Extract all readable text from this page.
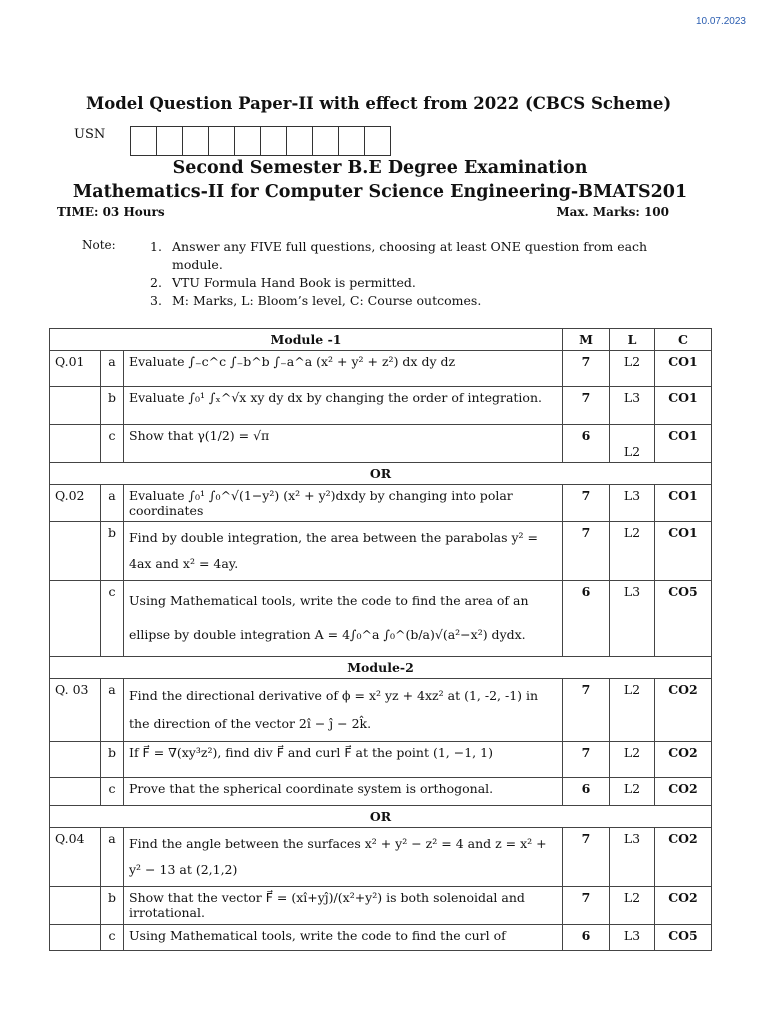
10.07.2023
Model Question Paper-II with effect from 2022 (CBCS Scheme)
USN
Second Semester B.E Degree Examination
Mathematics-II for Computer Science Engineering-BMATS201
TIME: 03 Hours	Max. Marks: 100
Note:	1. Answer any FIVE full questions, choosing at least ONE question from each module.
2. VTU Formula Hand Book is permitted.
3. M: Marks, L: Bloom’s level, C: Course outcomes.
Module -1			M	L	C
Q.01	a	Evaluate ∫₋c^c ∫₋b^b ∫₋a^a (x² + y² + z²) dx dy dz	7	L2	CO1
	b	Evaluate ∫₀¹ ∫ₓ^√x xy dy dx by changing the order of integration.	7	L3	CO1
	c	Show that γ(1/2) = √π	6	L2	CO1
OR					
Q.02	a	Evaluate ∫₀¹ ∫₀^√(1−y²) (x² + y²)dxdy by changing into polar coordinates	7	L3	CO1
	b	Find by double integration, the area between the parabolas y² = 4ax and x² = 4ay.	7	L2	CO1
	c	Using Mathematical tools, write the code to find the area of an ellipse by double integration A = 4∫₀^a ∫₀^(b/a)√(a²−x²) dydx.	6	L3	CO5
Module-2					
Q. 03	a	Find the directional derivative of ϕ = x² yz + 4xz² at (1, -2, -1) in the direction of the vector 2î − ĵ − 2k̂.	7	L2	CO2
	b	If F⃗ = ∇(xy³z²), find div F⃗ and curl F⃗ at the point (1, −1, 1)	7	L2	CO2
	c	Prove that the spherical coordinate system is orthogonal.	6	L2	CO2
OR					
Q.04	a	Find the angle between the surfaces x² + y² − z² = 4 and z = x² + y² − 13 at (2,1,2)	7	L3	CO2
	b	Show that the vector F⃗ = (xî+yĵ)/(x²+y²) is both solenoidal and irrotational.	7	L2	CO2
	c	Using Mathematical tools, write the code to find the curl of	6	L3	CO5
